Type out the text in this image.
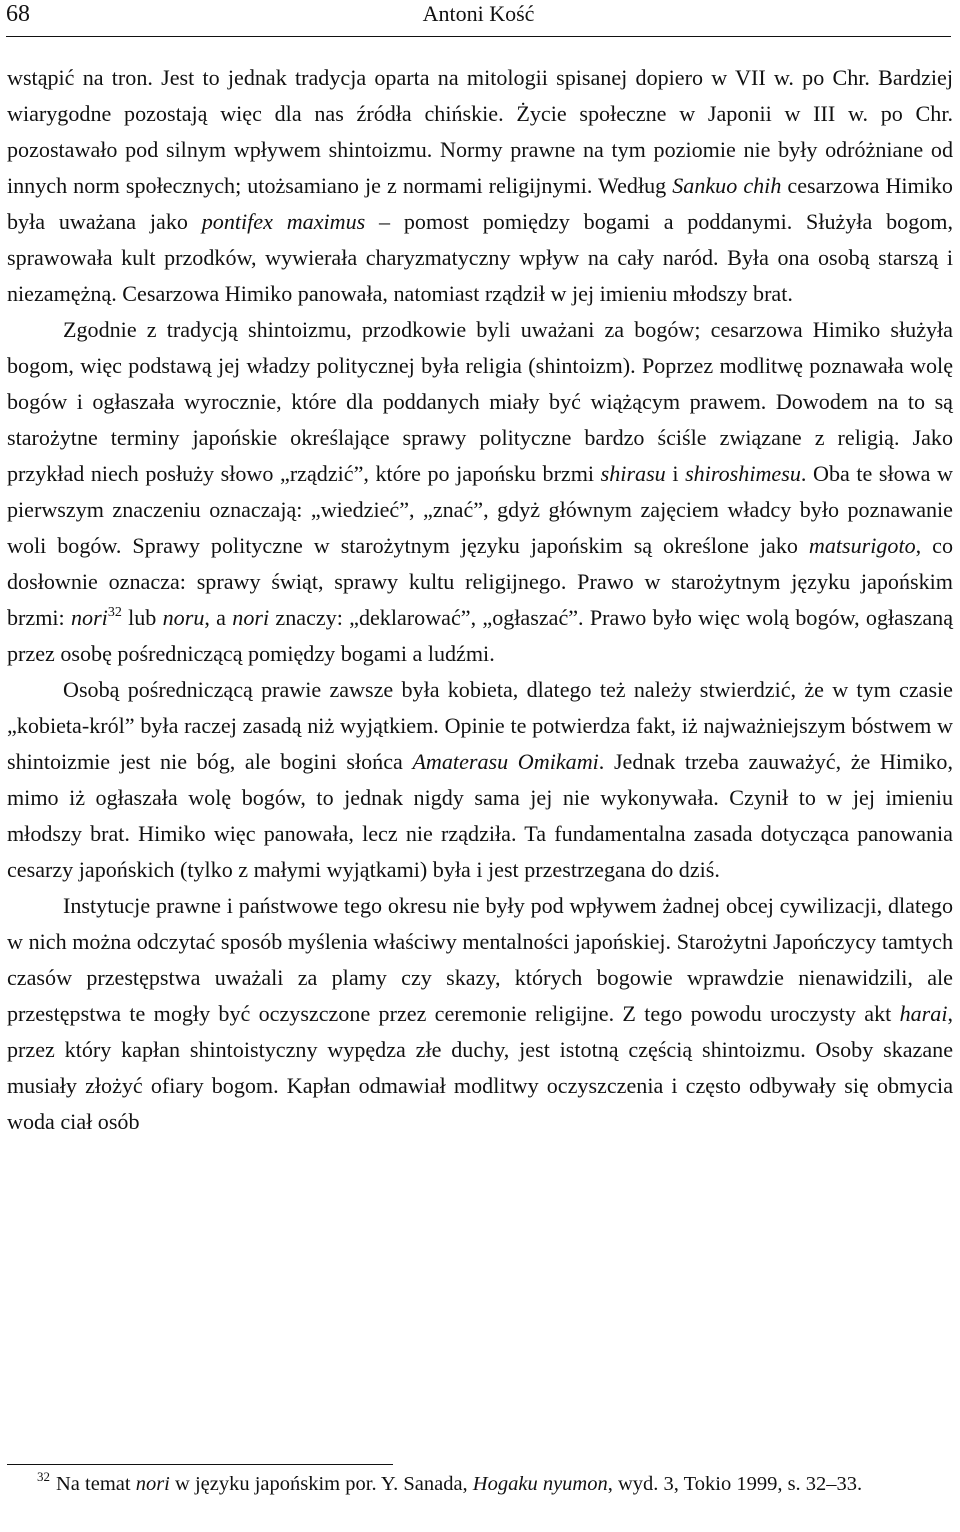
68	Antoni Kość

wstąpić na tron. Jest to jednak tradycja oparta na mitologii spisanej dopiero w VII w. po Chr. Bardziej wiarygodne pozostają więc dla nas źródła chińskie. Życie społeczne w Japonii w III w. po Chr. pozostawało pod silnym wpływem shintoizmu. Normy prawne na tym poziomie nie były odróżniane od innych norm społecznych; utożsamiano je z normami religijnymi. Według Sankuo chih cesarzowa Himiko była uważana jako pontifex maximus – pomost pomiędzy bogami a poddanymi. Służyła bogom, sprawowała kult przodków, wywierała charyzmatyczny wpływ na cały naród. Była ona osobą starszą i niezamężną. Cesarzowa Himiko panowała, natomiast rządził w jej imieniu młodszy brat.

Zgodnie z tradycją shintoizmu, przodkowie byli uważani za bogów; cesarzowa Himiko służyła bogom, więc podstawą jej władzy politycznej była religia (shintoizm). Poprzez modlitwę poznawała wolę bogów i ogłaszała wyrocznie, które dla poddanych miały być wiążącym prawem. Dowodem na to są starożytne terminy japońskie określające sprawy polityczne bardzo ściśle związane z religią. Jako przykład niech posłuży słowo „rządzić”, które po japońsku brzmi shirasu i shiroshimesu. Oba te słowa w pierwszym znaczeniu oznaczają: „wiedzieć”, „znać”, gdyż głównym zajęciem władcy było poznawanie woli bogów. Sprawy polityczne w starożytnym języku japońskim są określone jako matsurigoto, co dosłownie oznacza: sprawy świąt, sprawy kultu religijnego. Prawo w starożytnym języku japońskim brzmi: nori$^{32}$ lub noru, a nori znaczy: „deklarować”, „ogłaszać”. Prawo było więc wolą bogów, ogłaszaną przez osobę pośredniczącą pomiędzy bogami a ludźmi.

Osobą pośredniczącą prawie zawsze była kobieta, dlatego też należy stwierdzić, że w tym czasie „kobieta-król” była raczej zasadą niż wyjątkiem. Opinie te potwierdza fakt, iż najważniejszym bóstwem w shintoizmie jest nie bóg, ale bogini słońca Amaterasu Omikami. Jednak trzeba zauważyć, że Himiko, mimo iż ogłaszała wolę bogów, to jednak nigdy sama jej nie wykonywała. Czynił to w jej imieniu młodszy brat. Himiko więc panowała, lecz nie rządziła. Ta fundamentalna zasada dotycząca panowania cesarzy japońskich (tylko z małymi wyjątkami) była i jest przestrzegana do dziś.

Instytucje prawne i państwowe tego okresu nie były pod wpływem żadnej obcej cywilizacji, dlatego w nich można odczytać sposób myślenia właściwy mentalności japońskiej. Starożytni Japończycy tamtych czasów przestępstwa uważali za plamy czy skazy, których bogowie wprawdzie nienawidzili, ale przestępstwa te mogły być oczyszczone przez ceremonie religijne. Z tego powodu uroczysty akt harai, przez który kapłan shintoistyczny wypędza złe duchy, jest istotną częścią shintoizmu. Osoby skazane musiały złożyć ofiary bogom. Kapłan odmawiał modlitwy oczyszczenia i często odbywały się obmycia woda ciał osób

$^{32}$ Na temat nori w języku japońskim por. Y. Sanada, Hogaku nyumon, wyd. 3, Tokio 1999, s. 32–33.
